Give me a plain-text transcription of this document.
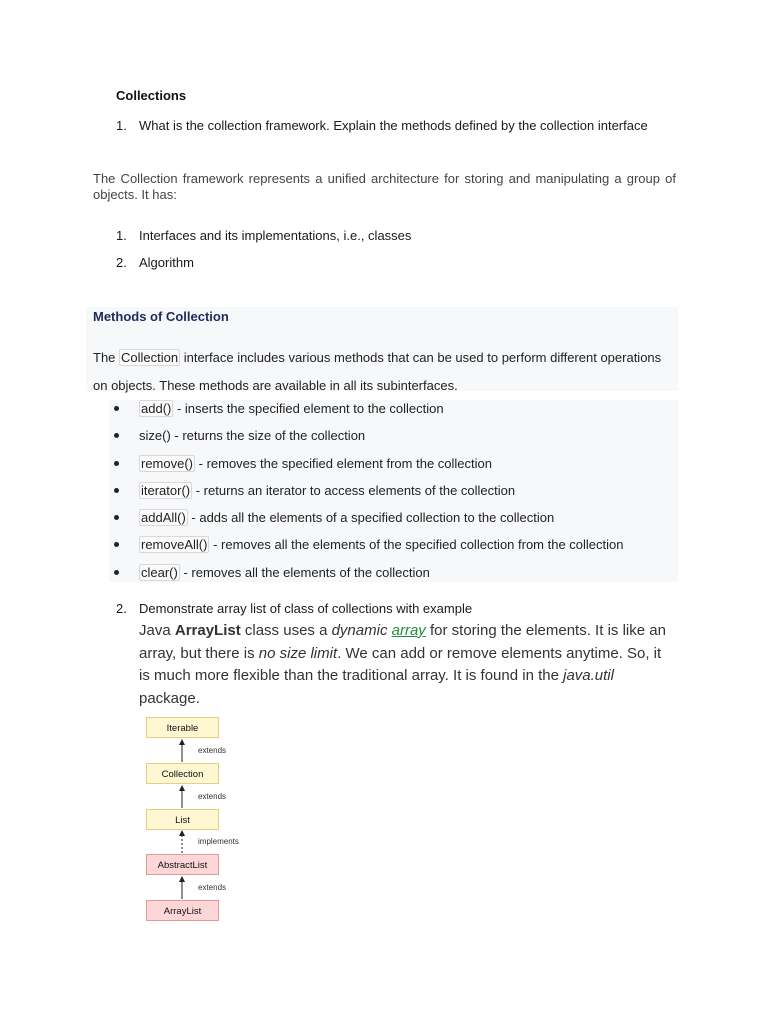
Collections
1. What is the collection framework. Explain the methods defined by the collection interface
The Collection framework represents a unified architecture for storing and manipulating a group of objects. It has:
1. Interfaces and its implementations, i.e., classes
2. Algorithm
Methods of Collection
The Collection interface includes various methods that can be used to perform different operations on objects. These methods are available in all its subinterfaces.
add() - inserts the specified element to the collection
size() - returns the size of the collection
remove() - removes the specified element from the collection
iterator() - returns an iterator to access elements of the collection
addAll() - adds all the elements of a specified collection to the collection
removeAll() - removes all the elements of the specified collection from the collection
clear() - removes all the elements of the collection
2. Demonstrate array list of class of collections with example
Java ArrayList class uses a dynamic array for storing the elements. It is like an array, but there is no size limit. We can add or remove elements anytime. So, it is much more flexible than the traditional array. It is found in the java.util package.
Iterable
extends
Collection
extends
List
implements
AbstractList
extends
ArrayList
